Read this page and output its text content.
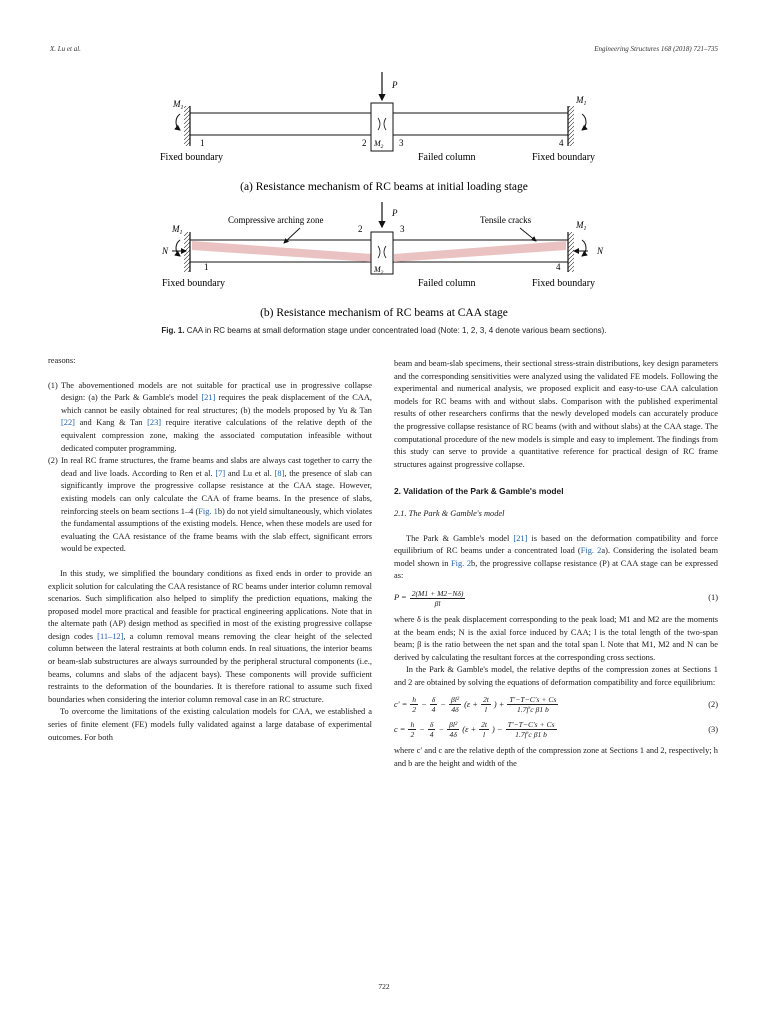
X. Lu et al.	Engineering Structures 168 (2018) 721–735
P
$M_1$
$M_1$
$M_2$
1	2	3	4
Fixed boundary	Failed column	Fixed boundary
(a) Resistance mechanism of RC beams at initial loading stage
P
Compressive arching zone	Tensile cracks
$M_1$
$M_1$
N	N
$M_2$
1
2	3
4
Fixed boundary	Failed column	Fixed boundary
(b) Resistance mechanism of RC beams at CAA stage
Fig. 1. CAA in RC beams at small deformation stage under concentrated load (Note: 1, 2, 3, 4 denote various beam sections).

reasons:

(1) The abovementioned models are not suitable for practical use in progressive collapse design: (a) the Park & Gamble's model [21] requires the peak displacement of the CAA, which cannot be easily obtained for real structures; (b) the models proposed by Yu & Tan [22] and Kang & Tan [23] require iterative calculations of the relative depth of the equivalent compression zone, making the associated computation infeasible without dedicated computer programming.
(2) In real RC frame structures, the frame beams and slabs are always cast together to carry the dead and live loads. According to Ren et al. [7] and Lu et al. [8], the presence of slab can significantly improve the progressive collapse resistance at the CAA stage. However, existing models can only calculate the CAA of frame beams. In the presence of slabs, reinforcing steels on beam sections 1–4 (Fig. 1b) do not yield simultaneously, which violates the fundamental assumptions of the existing models. Hence, when these models are used for evaluating the CAA resistance of the frame beams with the slab effect, significant errors would be expected.

In this study, we simplified the boundary conditions as fixed ends in order to provide an explicit solution for calculating the CAA resistance of RC beams under interior column removal scenarios. Such simplification also helped to simplify the prediction equations, making the proposed model more practical and feasible for practical engineering applications. Note that in the alternate path (AP) design method as specified in most of the existing progressive collapse design codes [11–12], a column removal means removing the clear height of the selected column between the lateral restraints at both column ends. In real situations, the interior beams or beam-slab substructures are always surrounded by the peripheral structural components (i.e., beams, columns and slabs of the adjacent bays). These components will provide sufficient restraints to the deformation of the boundaries. It is therefore rational to assume such fixed boundaries when considering the interior column removal case in an RC structure.

To overcome the limitations of the existing calculation models for CAA, we established a series of finite element (FE) models fully validated against a large database of experimental outcomes. For both

beam and beam-slab specimens, their sectional stress-strain distributions, key design parameters and the corresponding sensitivities were analyzed using the validated FE models. Following the experimental and numerical analysis, we proposed explicit and easy-to-use CAA calculation models for RC beams with and without slabs. Comparison with the published experimental results of other researchers confirms that the newly developed models can accurately produce the progressive collapse resistance of RC beams (with and without slabs) at the CAA stage. The computational procedure of the new models is simple and easy to implement. The findings from this study can serve to provide a quantitative reference for practical design of RC frame structures against progressive collapse.

2. Validation of the Park & Gamble's model
2.1. The Park & Gamble's model

The Park & Gamble's model [21] is based on the deformation compatibility and force equilibrium of RC beams under a concentrated load (Fig. 2a). Considering the isolated beam model shown in Fig. 2b, the progressive collapse resistance (P) at CAA stage can be expressed as:

$P = \frac{2(M1 + M2-N\delta)}{\beta l}$	(1)

where δ is the peak displacement corresponding to the peak load; M1 and M2 are the moments at the beam ends; N is the axial force induced by CAA; l is the total length of the two-span beam; β is the ratio between the net span and the total span l. Note that M1, M2 and N can be derived by calculating the resultant forces at the corresponding cross sections.

In the Park & Gamble's model, the relative depths of the compression zones at Sections 1 and 2 are obtained by solving the equations of deformation compatibility and force equilibrium:

$c' = \frac{h}{2} - \frac{\delta}{4} - \frac{\text{βl²}}{4\delta} (\varepsilon + \frac{2t}{l}$ ) + $\frac{T'-T-C's + Cs}{\text{1.7f′c β1 b}}$	(2)
$c = \frac{h}{2} - \frac{\delta}{4} - \frac{\text{βl²}}{4\delta} (\varepsilon + \frac{2t}{l}$ ) − $\frac{T'-T-C's + Cs}{\text{1.7f′c β1 b}}$	(3)

where c′ and c are the relative depth of the compression zone at Sections 1 and 2, respectively; h and b are the height and width of the

722
